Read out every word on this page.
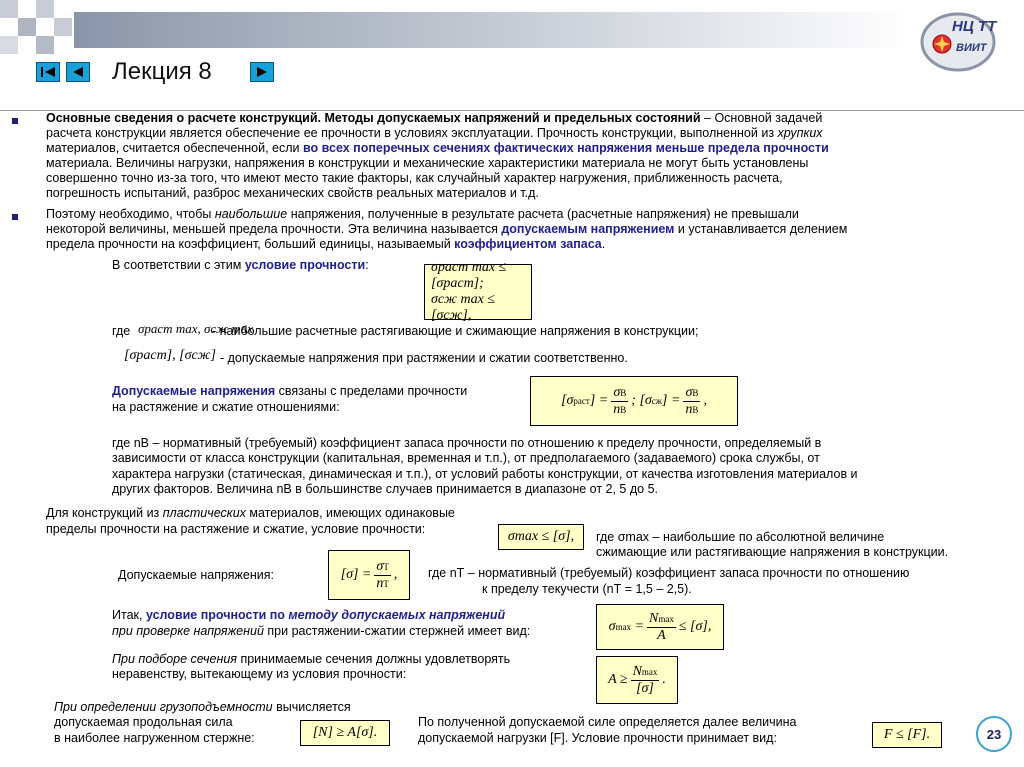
Лекция 8
НЦ ТТ
ВИИТ
Основные сведения о расчете конструкций. Методы допускаемых напряжений и предельных состояний – Основной задачей
расчета конструкции является обеспечение ее прочности в условиях эксплуатации. Прочность конструкции, выполненной из хрупких
материалов, считается обеспеченной, если во всех поперечных сечениях фактических напряжения меньше предела прочности
материала. Величины нагрузки, напряжения в конструкции и механические характеристики материала не могут быть установлены
совершенно точно из-за того, что имеют место такие факторы, как случайный характер нагружения, приближенность расчета,
погрешность испытаний, разброс механических свойств реальных материалов и т.д.
Поэтому необходимо, чтобы наибольшие напряжения, полученные в результате расчета (расчетные напряжения) не превышали
некоторой величины, меньшей предела прочности. Эта величина называется допускаемым напряжением и устанавливается делением
предела прочности на коэффициент, больший единицы, называемый коэффициентом запаса.
В соответствии с этим условие прочности:	σраст max ≤ [σраст];
σсж max ≤ [σсж],
где σраст max, σсж max
- наибольшие расчетные растягивающие и сжимающие напряжения в конструкции;
[σраст], [σсж] - допускаемые напряжения при растяжении и сжатии соответственно.
Допускаемые напряжения связаны с пределами прочности
на растяжение и сжатие отношениями:	[σраст] = $\frac{\sigma В}{nВ}$ ; $[\sigma сж] = \frac{\sigma В}{nВ}$ ,
где nВ – нормативный (требуемый) коэффициент запаса прочности по отношению к пределу прочности, определяемый в
зависимости от класса конструкции (капитальная, временная и т.п.), от предполагаемого (задаваемого) срока службы, от
характера нагрузки (статическая, динамическая и т.п.), от условий работы конструкции, от качества изготовления материалов и
других факторов. Величина nВ в большинстве случаев принимается в диапазоне от 2, 5 до 5.
Для конструкций из пластических материалов, имеющих одинаковые
пределы прочности на растяжение и сжатие, условие прочности:	σmax ≤ [σ],	где σmax – наибольшие по абсолютной величине
сжимающие или растягивающие напряжения в конструкции.
Допускаемые напряжения:	$[\sigma] = \frac{\sigma Т}{nТ}$ , где nТ – нормативный (требуемый) коэффициент запаса прочности по отношению
к пределу текучести (nТ = 1,5 – 2,5).
Итак, условие прочности по методу допускаемых напряжений
при проверке напряжений при растяжении-сжатии стержней имеет вид:	$\sigma\max = \frac{Nmax}{A} \le [\sigma]$,
При подборе сечения принимаемые сечения должны удовлетворять
неравенству, вытекающему из условия прочности:	$A \ge \frac{Nmax}{[\sigma]}$ .
При определении грузоподъемности вычисляется
допускаемая продольная сила
в наиболее нагруженном стержне:	[N] ≥ A[σ].
По полученной допускаемой силе определяется далее величина
допускаемой нагрузки [F]. Условие прочности принимает вид:	F ≤ [F].	23
